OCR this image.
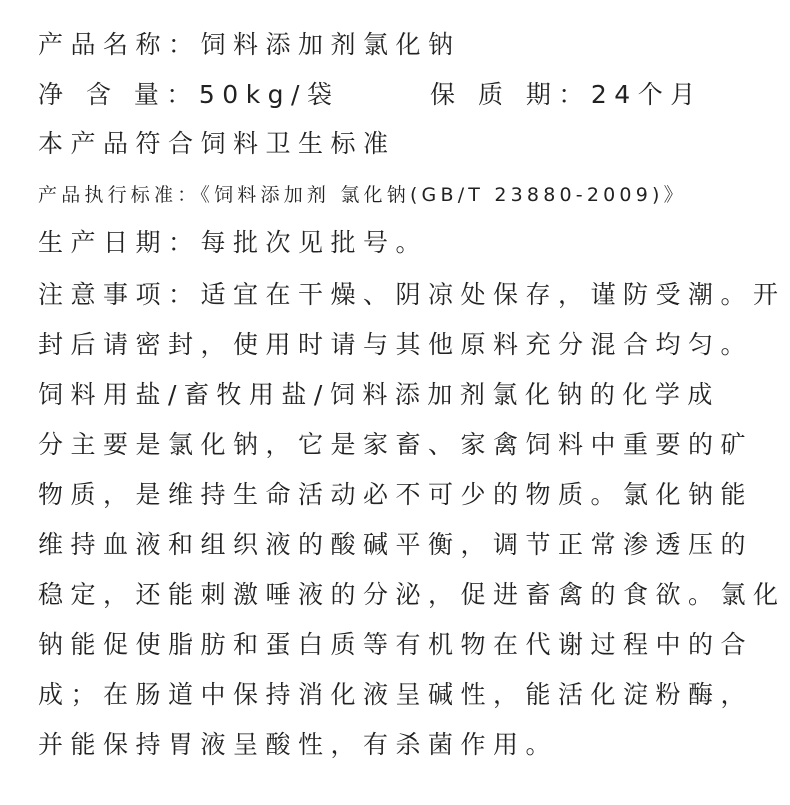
产品名称：饲料添加剂氯化钠
净 含 量：50kg/袋	保 质 期：24个月
本产品符合饲料卫生标准
产品执行标准：《饲料添加剂 氯化钠(GB/T 23880-2009)》
生产日期：每批次见批号。
注意事项：适宜在干燥、阴凉处保存，谨防受潮。开
封后请密封，使用时请与其他原料充分混合均匀。
饲料用盐/畜牧用盐/饲料添加剂氯化钠的化学成
分主要是氯化钠，它是家畜、家禽饲料中重要的矿
物质，是维持生命活动必不可少的物质。氯化钠能
维持血液和组织液的酸碱平衡，调节正常渗透压的
稳定，还能刺激唾液的分泌，促进畜禽的食欲。氯化
钠能促使脂肪和蛋白质等有机物在代谢过程中的合
成；在肠道中保持消化液呈碱性，能活化淀粉酶，
并能保持胃液呈酸性，有杀菌作用。
